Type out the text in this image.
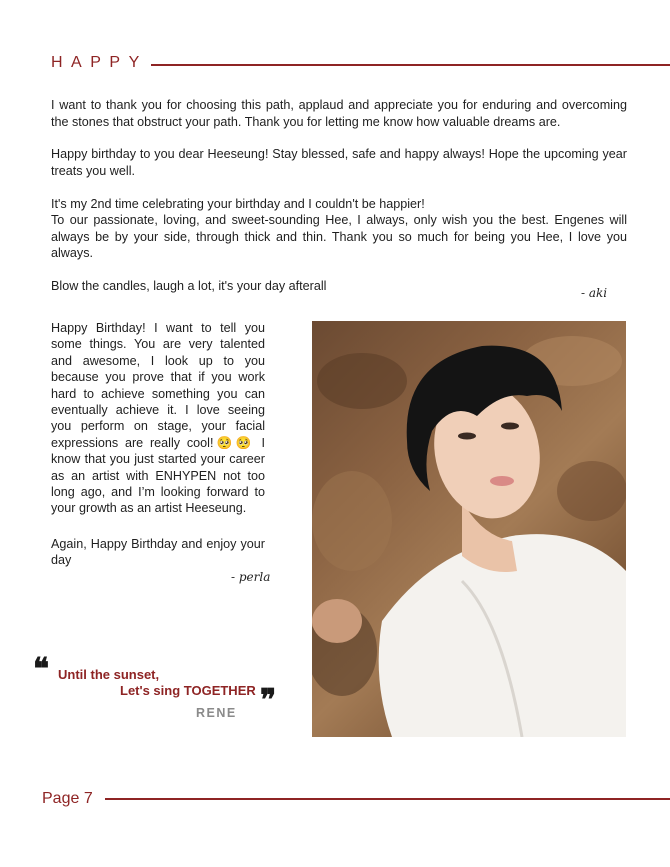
HAPPY

I want to thank you for choosing this path, applaud and appreciate you for enduring and overcoming the stones that obstruct your path. Thank you for letting me know how valuable dreams are.

Happy birthday to you dear Heeseung! Stay blessed, safe and happy always! Hope the upcoming year treats you well.

It's my 2nd time celebrating your birthday and I couldn't be happier!

To our passionate, loving, and sweet-sounding Hee, I always, only wish you the best. Engenes will always be by your side, through thick and thin. Thank you so much for being you Hee, I love you always.

Blow the candles, laugh a lot, it's your day afterall	- aki

Happy Birthday! I want to tell you some things. You are very talented and awesome, I look up to you because you prove that if you work hard to achieve something you can eventually achieve it. I love seeing you perform on stage, your facial expressions are really cool!🥺🥺 I know that you just started your career as an artist with ENHYPEN not too long ago, and I’m looking forward to your growth as an artist Heeseung.

Again, Happy Birthday and enjoy your day

- perla
❝ Until the sunset,
Let's sing TOGETHER ❞
RENE
Page 7
